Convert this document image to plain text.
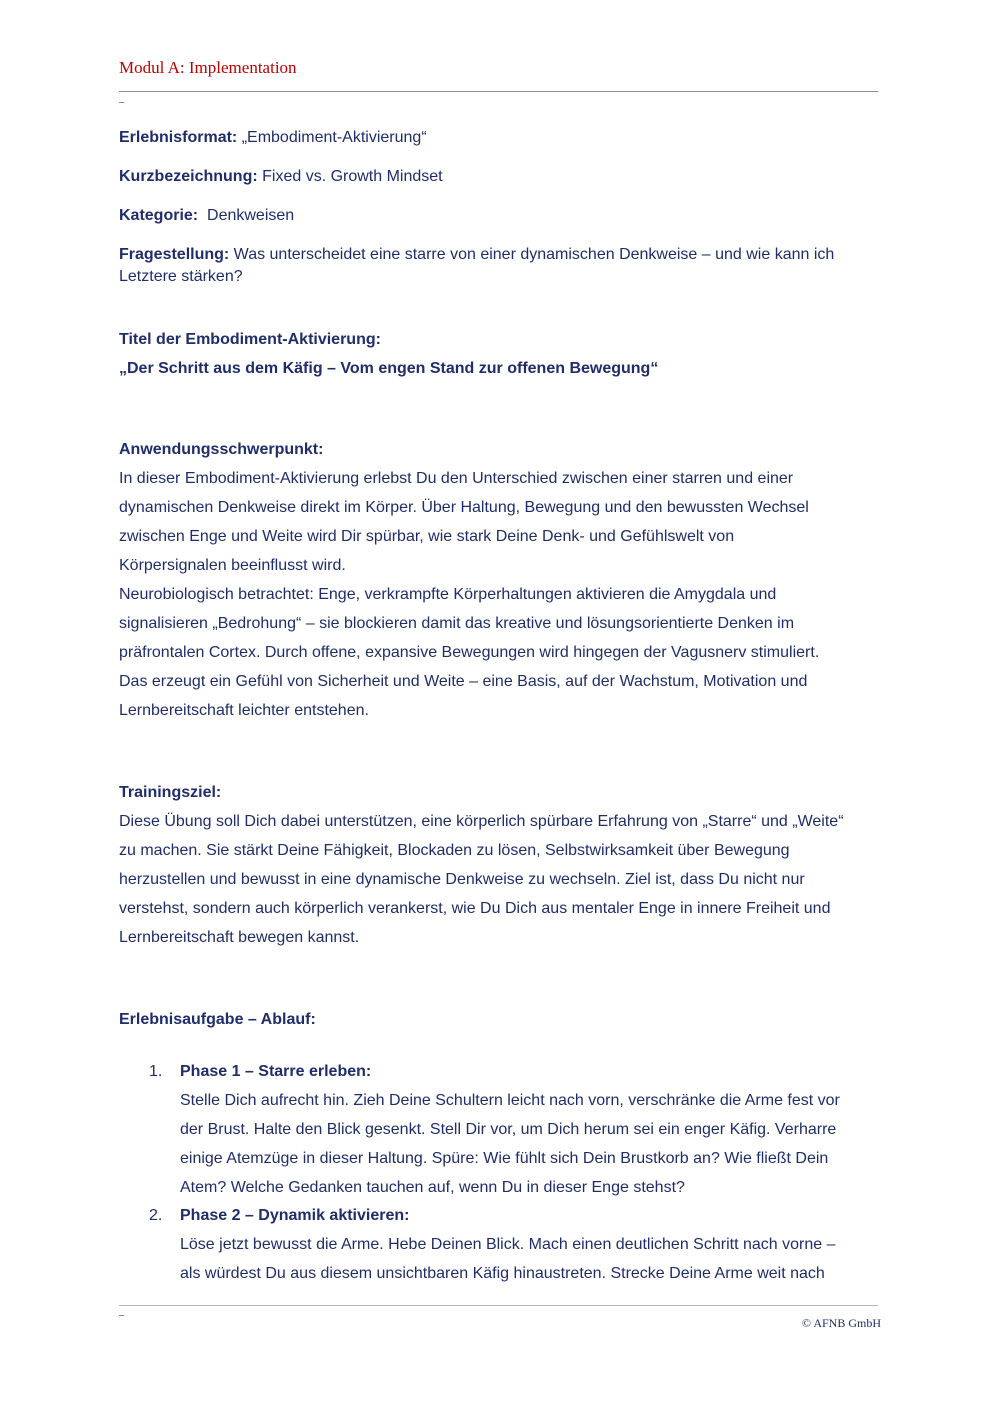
Modul A: Implementation
Erlebnisformat: „Embodiment-Aktivierung“
Kurzbezeichnung: Fixed vs. Growth Mindset
Kategorie:  Denkweisen
Fragestellung: Was unterscheidet eine starre von einer dynamischen Denkweise – und wie kann ich Letztere stärken?
Titel der Embodiment-Aktivierung:
„Der Schritt aus dem Käfig – Vom engen Stand zur offenen Bewegung“
Anwendungsschwerpunkt:
In dieser Embodiment-Aktivierung erlebst Du den Unterschied zwischen einer starren und einer
dynamischen Denkweise direkt im Körper. Über Haltung, Bewegung und den bewussten Wechsel
zwischen Enge und Weite wird Dir spürbar, wie stark Deine Denk- und Gefühlswelt von
Körpersignalen beeinflusst wird.
Neurobiologisch betrachtet: Enge, verkrampfte Körperhaltungen aktivieren die Amygdala und
signalisieren „Bedrohung“ – sie blockieren damit das kreative und lösungsorientierte Denken im
präfrontalen Cortex. Durch offene, expansive Bewegungen wird hingegen der Vagusnerv stimuliert.
Das erzeugt ein Gefühl von Sicherheit und Weite – eine Basis, auf der Wachstum, Motivation und
Lernbereitschaft leichter entstehen.
Trainingsziel:
Diese Übung soll Dich dabei unterstützen, eine körperlich spürbare Erfahrung von „Starre“ und „Weite“
zu machen. Sie stärkt Deine Fähigkeit, Blockaden zu lösen, Selbstwirksamkeit über Bewegung
herzustellen und bewusst in eine dynamische Denkweise zu wechseln. Ziel ist, dass Du nicht nur
verstehst, sondern auch körperlich verankerst, wie Du Dich aus mentaler Enge in innere Freiheit und
Lernbereitschaft bewegen kannst.
Erlebnisaufgabe – Ablauf:
1. Phase 1 – Starre erleben:
Stelle Dich aufrecht hin. Zieh Deine Schultern leicht nach vorn, verschränke die Arme fest vor
der Brust. Halte den Blick gesenkt. Stell Dir vor, um Dich herum sei ein enger Käfig. Verharre
einige Atemzüge in dieser Haltung. Spüre: Wie fühlt sich Dein Brustkorb an? Wie fließt Dein
Atem? Welche Gedanken tauchen auf, wenn Du in dieser Enge stehst?
2. Phase 2 – Dynamik aktivieren:
Löse jetzt bewusst die Arme. Hebe Deinen Blick. Mach einen deutlichen Schritt nach vorne –
als würdest Du aus diesem unsichtbaren Käfig hinaustreten. Strecke Deine Arme weit nach
© AFNB GmbH
